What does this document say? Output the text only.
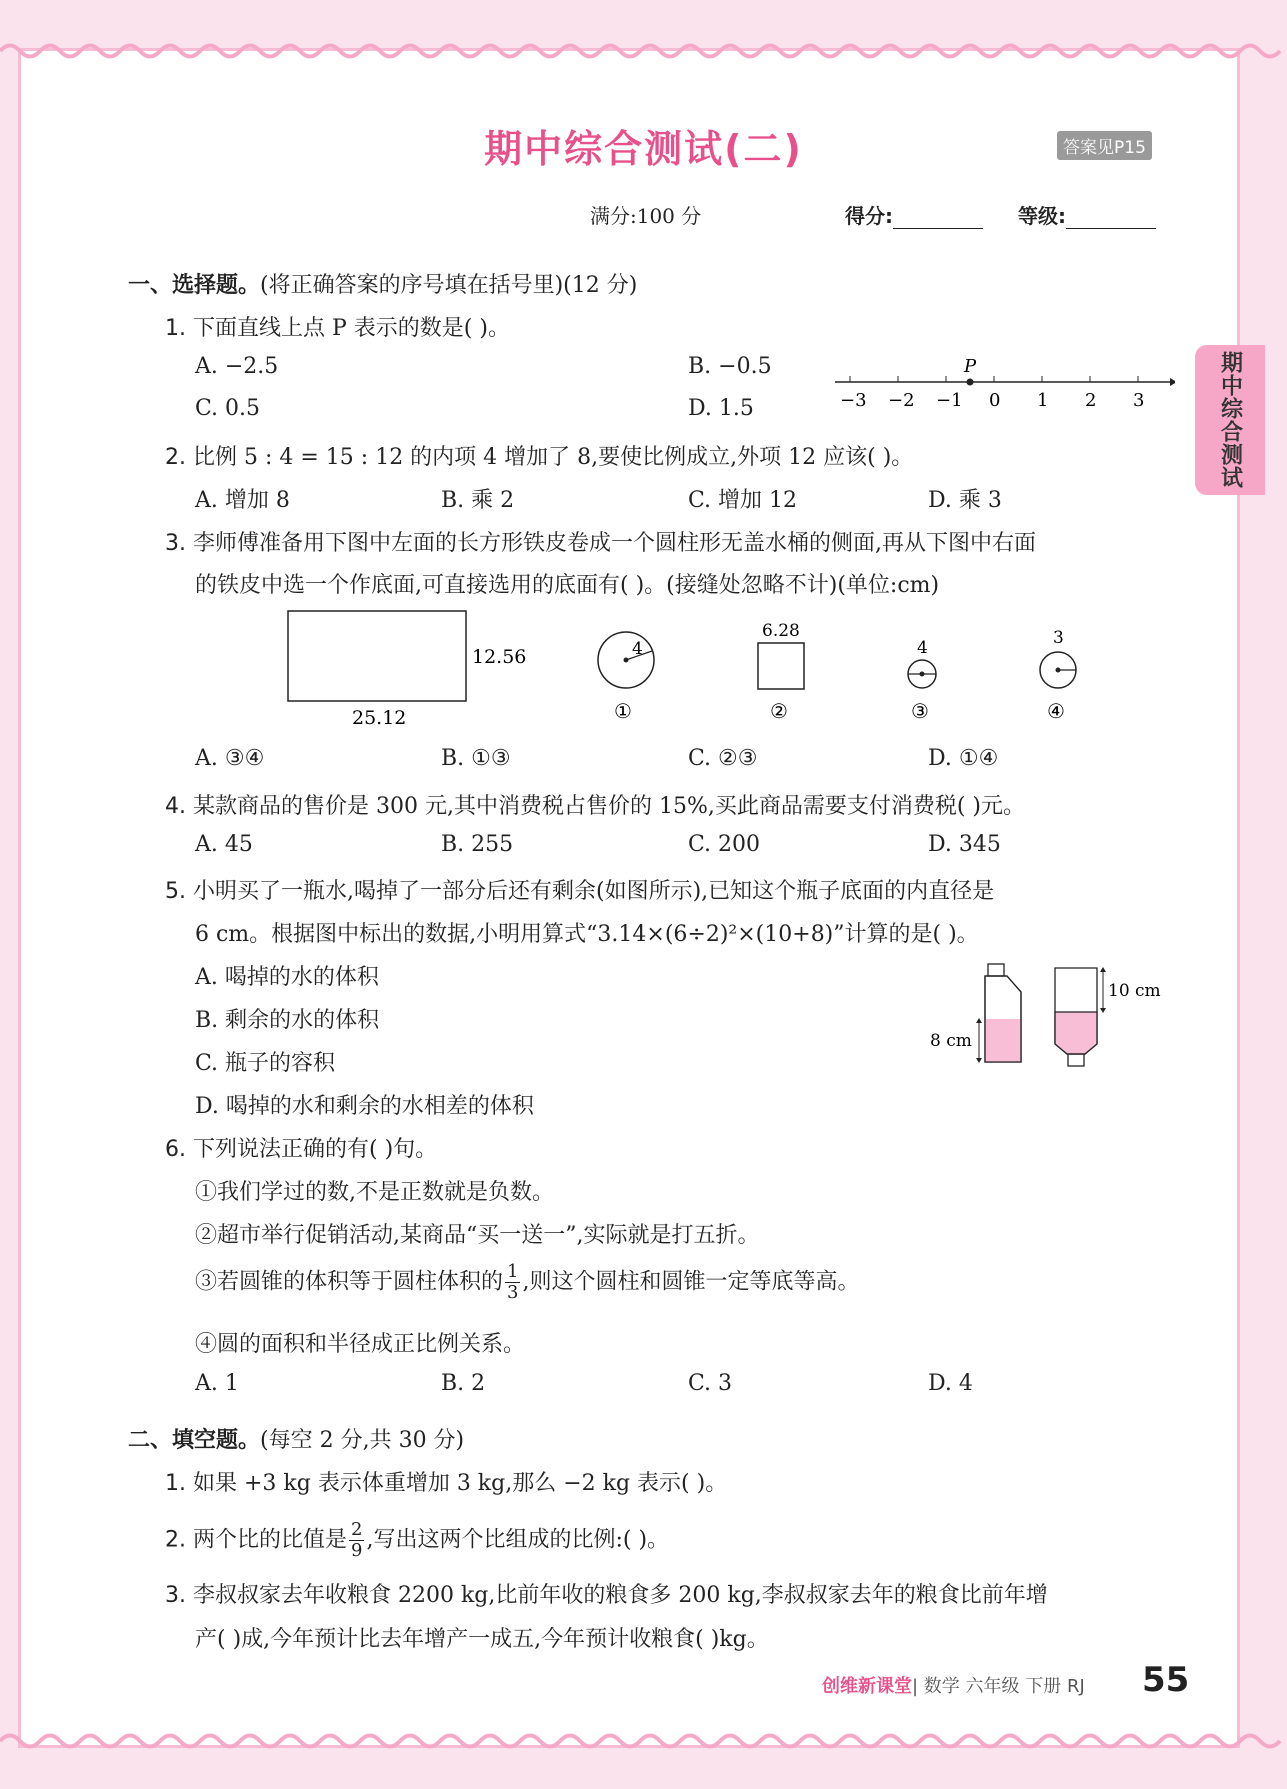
期中综合测试(二)	答案见P15
满分:100 分	得分:	等级:
期中综合测试
一、选择题。(将正确答案的序号填在括号里)(12 分)
1. 下面直线上点 P 表示的数是( )。
A. −2.5	B. −0.5
C. 0.5	D. 1.5
P
−3 −2 −1 0 1 2 3
2. 比例 5 : 4 = 15 : 12 的内项 4 增加了 8,要使比例成立,外项 12 应该( )。
A. 增加 8	B. 乘 2	C. 增加 12	D. 乘 3
3. 李师傅准备用下图中左面的长方形铁皮卷成一个圆柱形无盖水桶的侧面,再从下图中右面
的铁皮中选一个作底面,可直接选用的底面有( )。(接缝处忽略不计)(单位:cm)
12.56
25.12
4
①
6.28
②
4
③
3
④
A. ③④	B. ①③	C. ②③	D. ①④
4. 某款商品的售价是 300 元,其中消费税占售价的 15%,买此商品需要支付消费税( )元。
A. 45	B. 255	C. 200	D. 345
5. 小明买了一瓶水,喝掉了一部分后还有剩余(如图所示),已知这个瓶子底面的内直径是
6 cm。根据图中标出的数据,小明用算式“3.14×(6÷2)²×(10+8)”计算的是( )。
A. 喝掉的水的体积
B. 剩余的水的体积
C. 瓶子的容积
D. 喝掉的水和剩余的水相差的体积
8 cm
10 cm
6. 下列说法正确的有( )句。
①我们学过的数,不是正数就是负数。
②超市举行促销活动,某商品“买一送一”,实际就是打五折。
③若圆锥的体积等于圆柱体积的 $\frac{1}{3}$ ,则这个圆柱和圆锥一定等底等高。
④圆的面积和半径成正比例关系。
A. 1	B. 2	C. 3	D. 4
二、填空题。(每空 2 分,共 30 分)
1. 如果 +3 kg 表示体重增加 3 kg,那么 −2 kg 表示( )。
2. 两个比的比值是 $\frac{2}{9}$ ,写出这两个比组成的比例:( )。
3. 李叔叔家去年收粮食 2200 kg,比前年收的粮食多 200 kg,李叔叔家去年的粮食比前年增
产( )成,今年预计比去年增产一成五,今年预计收粮食( )kg。
创维新课堂| 数学 六年级 下册 RJ 55
